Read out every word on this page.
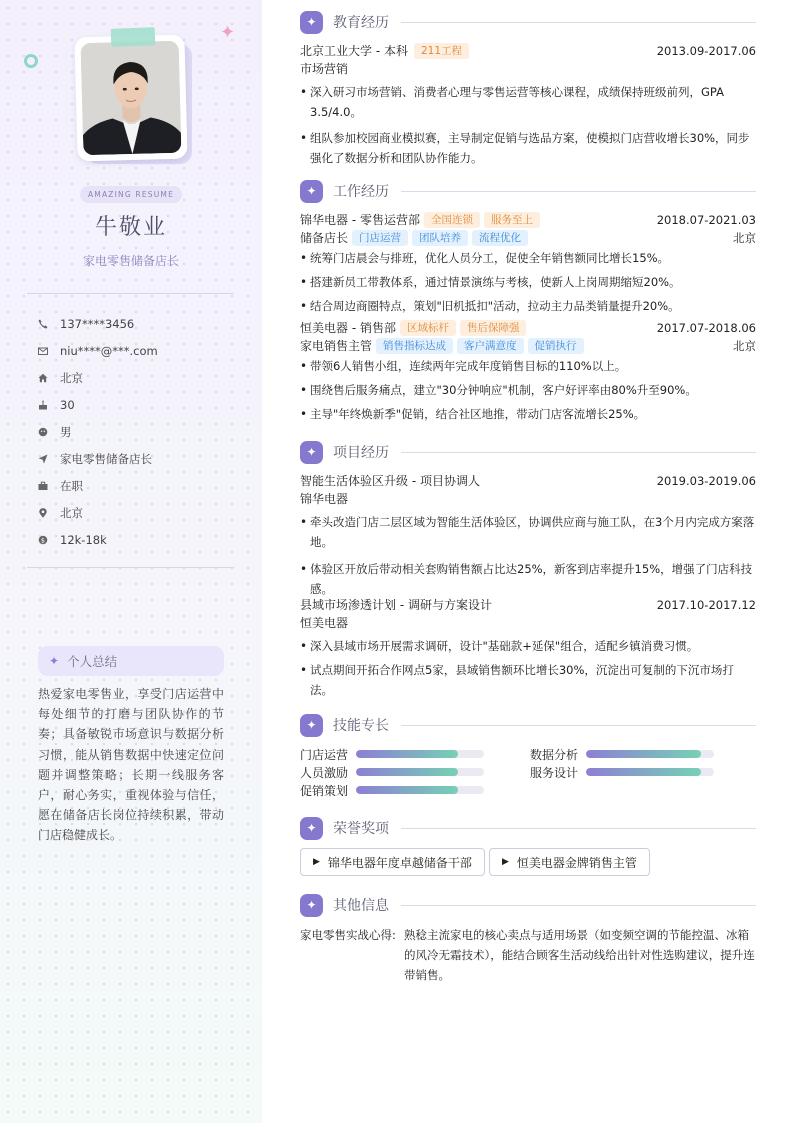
✦
AMAZING RESUME
牛敬业
家电零售储备店长
137****3456
niu****@***.com
北京
30
男
家电零售储备店长
在职
北京
$ 12k-18k
✦ 个人总结
热爱家电零售业，享受门店运营中每处细节的打磨与团队协作的节奏；具备敏锐市场意识与数据分析习惯，能从销售数据中快速定位问题并调整策略；长期一线服务客户，耐心务实，重视体验与信任，愿在储备店长岗位持续积累，带动门店稳健成长。
✦	教育经历
北京工业大学 - 本科	211工程	2013.09-2017.06
市场营销
• 深入研习市场营销、消费者心理与零售运营等核心课程，成绩保持班级前列，GPA 3.5/4.0。
• 组队参加校园商业模拟赛，主导制定促销与选品方案，使模拟门店营收增长30%，同步强化了数据分析和团队协作能力。
✦	工作经历
锦华电器 - 零售运营部	全国连锁	服务至上	2018.07-2021.03
储备店长	门店运营	团队培养	流程优化	北京
• 统筹门店晨会与排班，优化人员分工，促使全年销售额同比增长15%。
• 搭建新员工带教体系，通过情景演练与考核，使新人上岗周期缩短20%。
• 结合周边商圈特点，策划"旧机抵扣"活动，拉动主力品类销量提升20%。
恒美电器 - 销售部	区域标杆	售后保障强	2017.07-2018.06
家电销售主管	销售指标达成	客户满意度	促销执行	北京
• 带领6人销售小组，连续两年完成年度销售目标的110%以上。
• 围绕售后服务痛点，建立"30分钟响应"机制，客户好评率由80%升至90%。
• 主导"年终焕新季"促销，结合社区地推，带动门店客流增长25%。
✦	项目经历
智能生活体验区升级 - 项目协调人	2019.03-2019.06
锦华电器
• 牵头改造门店二层区域为智能生活体验区，协调供应商与施工队，在3个月内完成方案落地。
• 体验区开放后带动相关套购销售额占比达25%，新客到店率提升15%，增强了门店科技感。
县域市场渗透计划 - 调研与方案设计	2017.10-2017.12
恒美电器
• 深入县域市场开展需求调研，设计"基础款+延保"组合，适配乡镇消费习惯。
• 试点期间开拓合作网点5家，县域销售额环比增长30%，沉淀出可复制的下沉市场打法。
✦	技能专长
门店运营	数据分析
人员激励	服务设计
促销策划
✦	荣誉奖项
▶ 锦华电器年度卓越储备干部	▶ 恒美电器金牌销售主管
✦	其他信息
家电零售实战心得: 熟稔主流家电的核心卖点与适用场景（如变频空调的节能控温、冰箱的风冷无霜技术），能结合顾客生活动线给出针对性选购建议，提升连带销售。
